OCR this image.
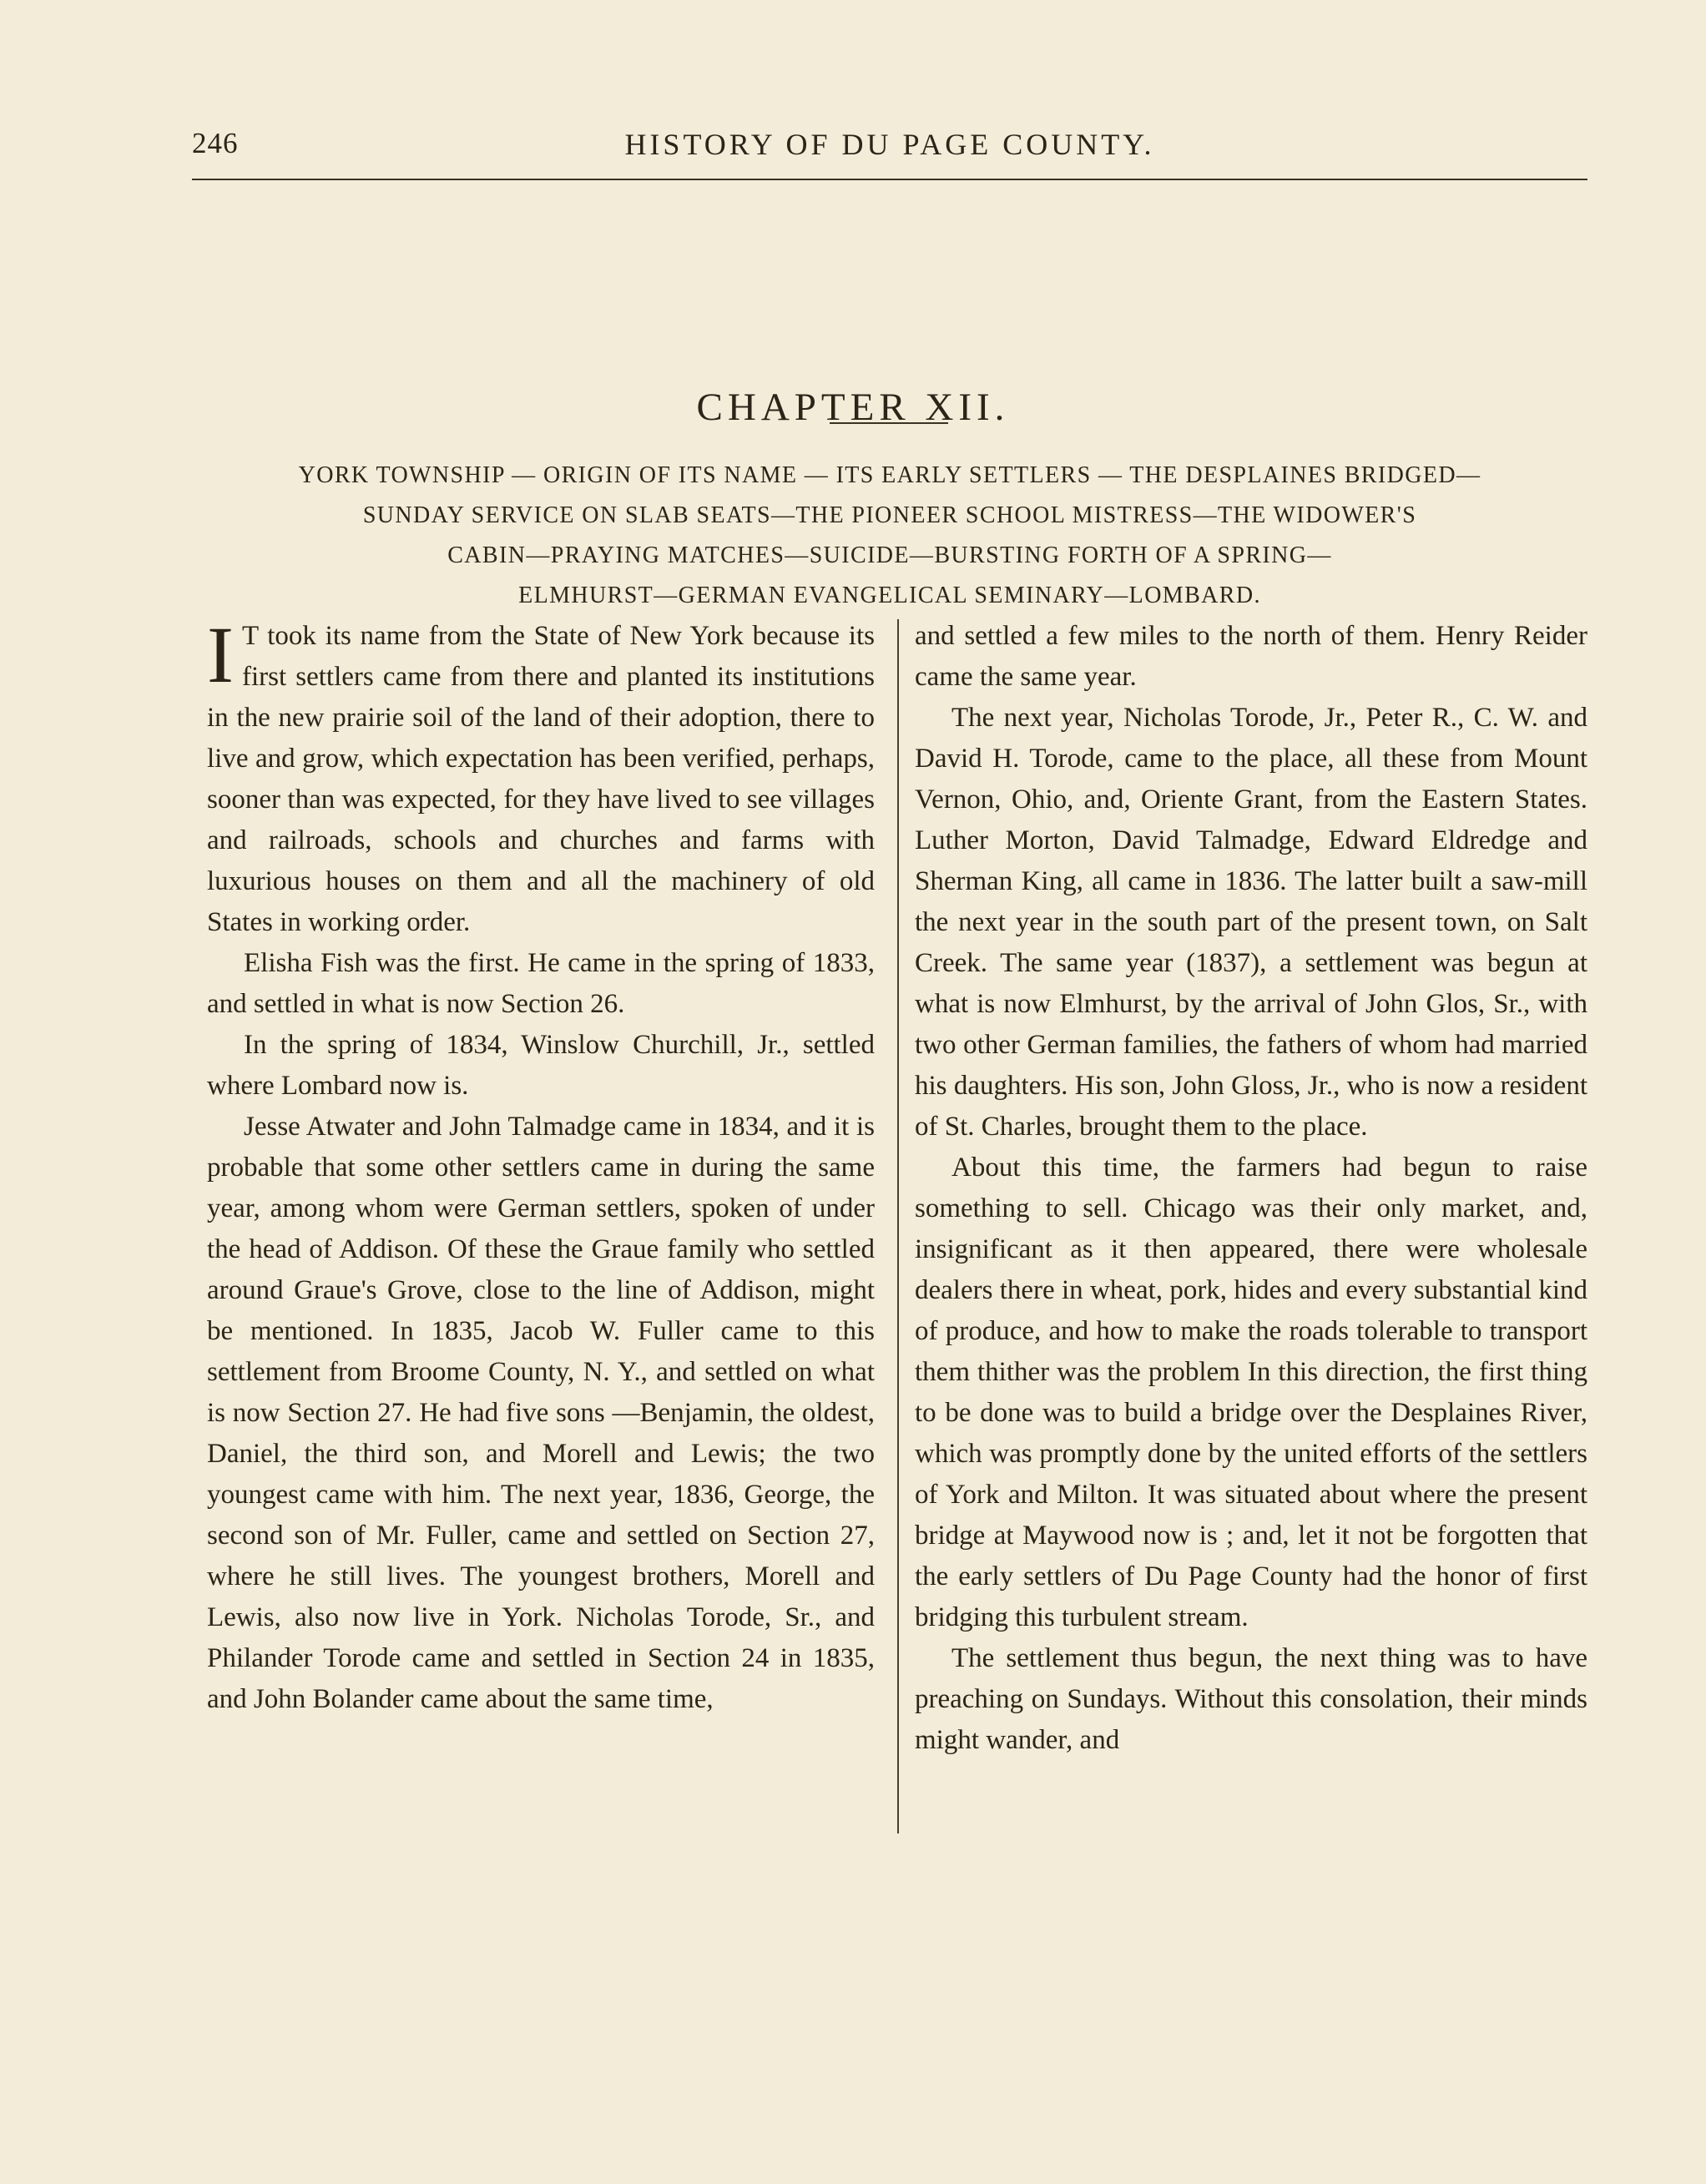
246	HISTORY OF DU PAGE COUNTY.
CHAPTER XII.
YORK TOWNSHIP — ORIGIN OF ITS NAME — ITS EARLY SETTLERS — THE DESPLAINES BRIDGED—
SUNDAY SERVICE ON SLAB SEATS—THE PIONEER SCHOOL MISTRESS—THE WIDOWER'S
CABIN—PRAYING MATCHES—SUICIDE—BURSTING FORTH OF A SPRING—
ELMHURST—GERMAN EVANGELICAL SEMINARY—LOMBARD.

I T took its name from the State of New York because its first settlers came from there and planted its institutions in the new prairie soil of the land of their adoption, there to live and grow, which expectation has been verified, perhaps, sooner than was expected, for they have lived to see villages and railroads, schools and churches and farms with luxurious houses on them and all the machinery of old States in working order.

Elisha Fish was the first. He came in the spring of 1833, and settled in what is now Section 26.

In the spring of 1834, Winslow Churchill, Jr., settled where Lombard now is.

Jesse Atwater and John Talmadge came in 1834, and it is probable that some other settlers came in during the same year, among whom were German settlers, spoken of under the head of Addison. Of these the Graue family who settled around Graue's Grove, close to the line of Addison, might be mentioned. In 1835, Jacob W. Fuller came to this settlement from Broome County, N. Y., and settled on what is now Section 27. He had five sons —Benjamin, the oldest, Daniel, the third son, and Morell and Lewis; the two youngest came with him. The next year, 1836, George, the second son of Mr. Fuller, came and settled on Section 27, where he still lives. The youngest brothers, Morell and Lewis, also now live in York. Nicholas Torode, Sr., and Philander Torode came and settled in Section 24 in 1835, and John Bolander came about the same time,

and settled a few miles to the north of them. Henry Reider came the same year.

The next year, Nicholas Torode, Jr., Peter R., C. W. and David H. Torode, came to the place, all these from Mount Vernon, Ohio, and, Oriente Grant, from the Eastern States. Luther Morton, David Talmadge, Edward Eldredge and Sherman King, all came in 1836. The latter built a saw-mill the next year in the south part of the present town, on Salt Creek. The same year (1837), a settlement was begun at what is now Elmhurst, by the arrival of John Glos, Sr., with two other German families, the fathers of whom had married his daughters. His son, John Gloss, Jr., who is now a resident of St. Charles, brought them to the place.

About this time, the farmers had begun to raise something to sell. Chicago was their only market, and, insignificant as it then appeared, there were wholesale dealers there in wheat, pork, hides and every substantial kind of produce, and how to make the roads tolerable to transport them thither was the problem In this direction, the first thing to be done was to build a bridge over the Desplaines River, which was promptly done by the united efforts of the settlers of York and Milton. It was situated about where the present bridge at Maywood now is ; and, let it not be forgotten that the early settlers of Du Page County had the honor of first bridging this turbulent stream.

The settlement thus begun, the next thing was to have preaching on Sundays. Without this consolation, their minds might wander, and
